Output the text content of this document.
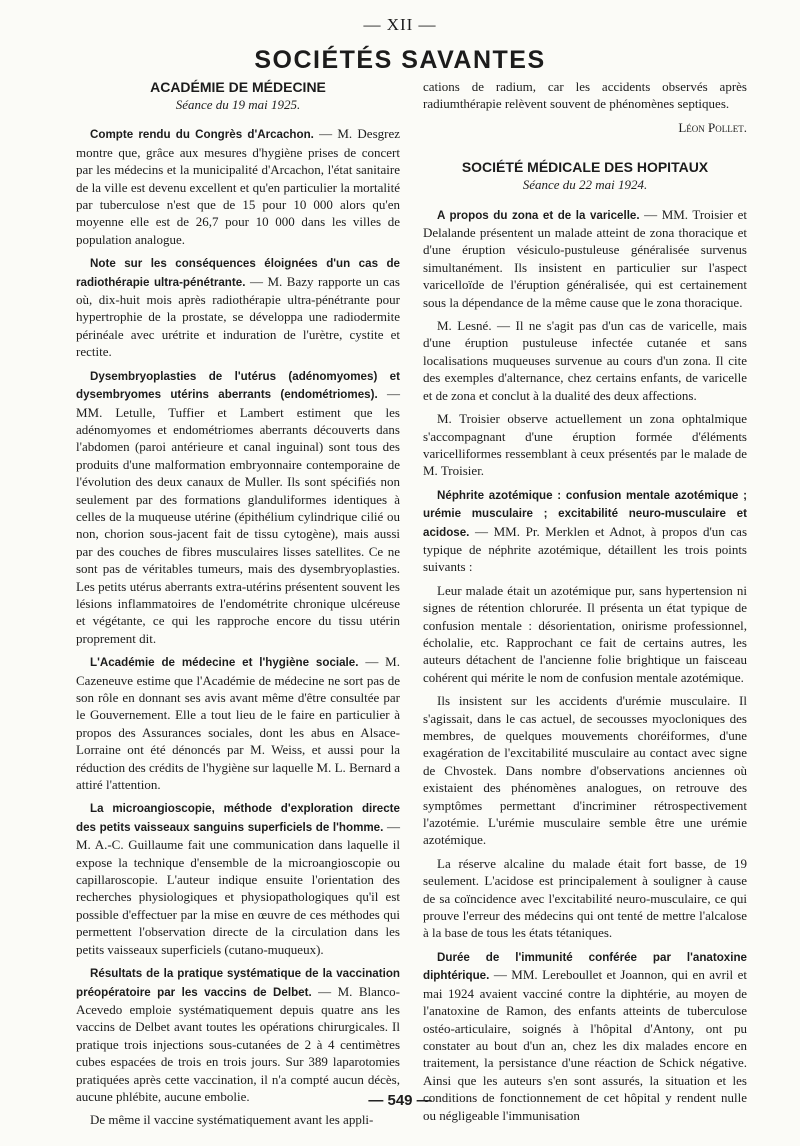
— XII —
SOCIÉTÉS SAVANTES
ACADÉMIE DE MÉDECINE
Séance du 19 mai 1925.

Compte rendu du Congrès d'Arcachon. — M. Desgrez montre que, grâce aux mesures d'hygiène prises de concert par les médecins et la municipalité d'Arcachon, l'état sanitaire de la ville est devenu excellent et qu'en particulier la mortalité par tuberculose n'est que de 15 pour 10 000 alors qu'en moyenne elle est de 26,7 pour 10 000 dans les villes de population analogue.

Note sur les conséquences éloignées d'un cas de radiothérapie ultra-pénétrante. — M. Bazy rapporte un cas où, dix-huit mois après radiothérapie ultra-pénétrante pour hypertrophie de la prostate, se développa une radiodermite périnéale avec urétrite et induration de l'urètre, cystite et rectite.

Dysembryoplasties de l'utérus (adénomyomes) et dysembryomes utérins aberrants (endométriomes). — MM. Letulle, Tuffier et Lambert estiment que les adénomyomes et endométriomes aberrants découverts dans l'abdomen (paroi antérieure et canal inguinal) sont tous des produits d'une malformation embryonnaire contemporaine de l'évolution des deux canaux de Muller. Ils sont spécifiés non seulement par des formations glanduliformes identiques à celles de la muqueuse utérine (épithélium cylindrique cilié ou non, chorion sous-jacent fait de tissu cytogène), mais aussi par des couches de fibres musculaires lisses satellites. Ce ne sont pas de véritables tumeurs, mais des dysembryoplasties. Les petits utérus aberrants extra-utérins présentent souvent les lésions inflammatoires de l'endométrite chronique ulcéreuse et végétante, ce qui les rapproche encore du tissu utérin proprement dit.

L'Académie de médecine et l'hygiène sociale. — M. Cazeneuve estime que l'Académie de médecine ne sort pas de son rôle en donnant ses avis avant même d'être consultée par le Gouvernement. Elle a tout lieu de le faire en particulier à propos des Assurances sociales, dont les abus en Alsace-Lorraine ont été dénoncés par M. Weiss, et aussi pour la réduction des crédits de l'hygiène sur laquelle M. L. Bernard a attiré l'attention.

La microangioscopie, méthode d'exploration directe des petits vaisseaux sanguins superficiels de l'homme. — M. A.-C. Guillaume fait une communication dans laquelle il expose la technique d'ensemble de la microangioscopie ou capillaroscopie. L'auteur indique ensuite l'orientation des recherches physiologiques et physiopathologiques qu'il est possible d'effectuer par la mise en œuvre de ces méthodes qui permettent l'observation directe de la circulation dans les petits vaisseaux superficiels (cutano-muqueux).

Résultats de la pratique systématique de la vaccination préopératoire par les vaccins de Delbet. — M. Blanco-Acevedo emploie systématiquement depuis quatre ans les vaccins de Delbet avant toutes les opérations chirurgicales. Il pratique trois injections sous-cutanées de 2 à 4 centimètres cubes espacées de trois en trois jours. Sur 389 laparotomies pratiquées après cette vaccination, il n'a compté aucun décès, aucune phlébite, aucune embolie.

De même il vaccine systématiquement avant les appli-

cations de radium, car les accidents observés après radiumthérapie relèvent souvent de phénomènes septiques.

Léon Pollet.
SOCIÉTÉ MÉDICALE DES HOPITAUX
Séance du 22 mai 1924.

A propos du zona et de la varicelle. — MM. Troisier et Delalande présentent un malade atteint de zona thoracique et d'une éruption vésiculo-pustuleuse généralisée survenus simultanément. Ils insistent en particulier sur l'aspect varicelloïde de l'éruption généralisée, qui est certainement sous la dépendance de la même cause que le zona thoracique.

M. Lesné. — Il ne s'agit pas d'un cas de varicelle, mais d'une éruption pustuleuse infectée cutanée et sans localisations muqueuses survenue au cours d'un zona. Il cite des exemples d'alternance, chez certains enfants, de varicelle et de zona et conclut à la dualité des deux affections.

M. Troisier observe actuellement un zona ophtalmique s'accompagnant d'une éruption formée d'éléments varicelliformes ressemblant à ceux présentés par le malade de M. Troisier.

Néphrite azotémique : confusion mentale azotémique ; urémie musculaire ; excitabilité neuro-musculaire et acidose. — MM. Pr. Merklen et Adnot, à propos d'un cas typique de néphrite azotémique, détaillent les trois points suivants :

Leur malade était un azotémique pur, sans hypertension ni signes de rétention chlorurée. Il présenta un état typique de confusion mentale : désorientation, onirisme professionnel, écholalie, etc. Rapprochant ce fait de certains autres, les auteurs détachent de l'ancienne folie brightique un faisceau cohérent qui mérite le nom de confusion mentale azotémique.

Ils insistent sur les accidents d'urémie musculaire. Il s'agissait, dans le cas actuel, de secousses myocloniques des membres, de quelques mouvements choréiformes, d'une exagération de l'excitabilité musculaire au contact avec signe de Chvostek. Dans nombre d'observations anciennes où existaient des phénomènes analogues, on retrouve des symptômes permettant d'incriminer rétrospectivement l'azotémie. L'urémie musculaire semble être une urémie azotémique.

La réserve alcaline du malade était fort basse, de 19 seulement. L'acidose est principalement à souligner à cause de sa coïncidence avec l'excitabilité neuro-musculaire, ce qui prouve l'erreur des médecins qui ont tenté de mettre l'alcalose à la base de tous les états tétaniques.

Durée de l'immunité conférée par l'anatoxine diphtérique. — MM. Lereboullet et Joannon, qui en avril et mai 1924 avaient vacciné contre la diphtérie, au moyen de l'anatoxine de Ramon, des enfants atteints de tuberculose ostéo-articulaire, soignés à l'hôpital d'Antony, ont pu constater au bout d'un an, chez les dix malades encore en traitement, la persistance d'une réaction de Schick négative. Ainsi que les auteurs s'en sont assurés, la situation et les conditions de fonctionnement de cet hôpital y rendent nulle ou négligeable l'immunisation

— 549 —
